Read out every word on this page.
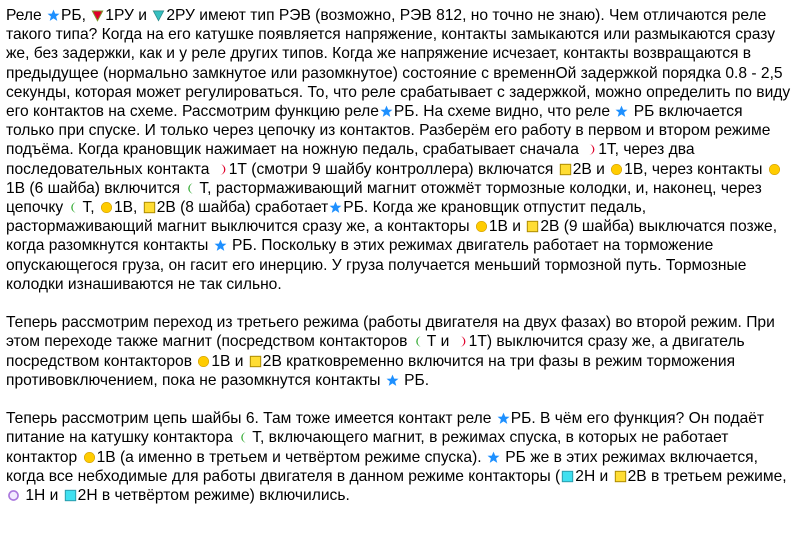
Реле
РБ,
1РУ и
2РУ имеют тип РЭВ (возможно, РЭВ 812, но точно не знаю). Чем отличаются реле такого типа? Когда на его катушке появляется напряжение, контакты замыкаются или размыкаются сразу же, без задержки, как и у реле других типов. Когда же напряжение исчезает, контакты возвращаются в предыдущее (нормально замкнутое или разомкнутое) состояние с временнОй задержкой порядка 0.8 - 2,5 секунды, которая может регулироваться. То, что реле срабатывает с задержкой, можно определить по виду его контактов на схеме. Рассмотрим функцию реле РБ. На схеме видно, что реле
РБ включается только при спуске. И только через цепочку из контактов. Разберём его работу в первом и втором режиме подъёма. Когда крановщик нажимает на ножную педаль, срабатывает сначала
1Т, через два последовательных контакта
1Т (смотри 9 шайбу контроллера) включатся
2В и
1В, через контакты
1В (6 шайба) включится
Т, растормаживающий магнит отожмёт тормозные колодки, и, наконец, через цепочку
Т,
1В,
2В (8 шайба) сработает РБ. Когда же крановщик отпустит педаль, растормаживающий магнит выключится сразу же, а контакторы
1В и
2В (9 шайба) выключатся позже, когда разомкнутся контакты
РБ. Поскольку в этих режимах двигатель работает на торможение опускающегося груза, он гасит его инерцию. У груза получается меньший тормозной путь. Тормозные колодки изнашиваются не так сильно.

Теперь рассмотрим переход из третьего режима (работы двигателя на двух фазах) во второй режим. При этом переходе также магнит (посредством контакторов
Т и
1Т) выключится сразу же, а двигатель посредством контакторов
1В и
2В кратковременно включится на три фазы в режим торможения противовключением, пока не разомкнутся контакты
РБ.

Теперь рассмотрим цепь шайбы 6. Там тоже имеется контакт реле
РБ. В чём его функция? Он подаёт питание на катушку контактора
Т, включающего магнит, в режимах спуска, в которых не работает контактор
1В (а именно в третьем и четвёртом режиме спуска).
РБ же в этих режимах включается, когда все небходимые для работы двигателя в данном режиме контакторы ( 2Н и
2В в третьем режиме,
1Н и
2Н в четвёртом режиме) включились.
